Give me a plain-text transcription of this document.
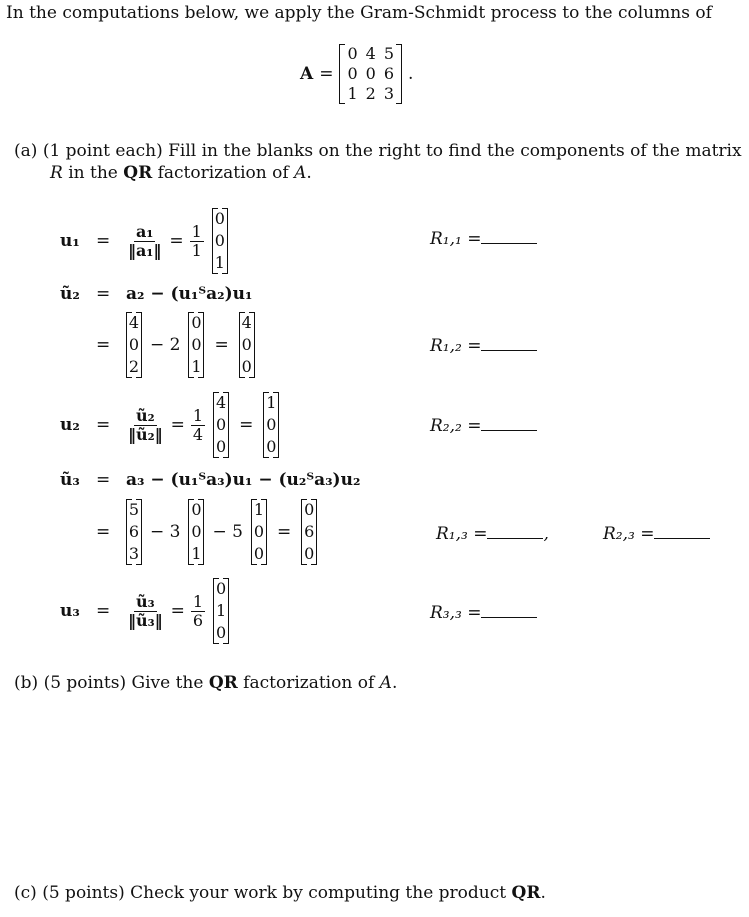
In the computations below, we apply the Gram-Schmidt process to the columns of
A =
0	4	5
0	0	6
1	2	3
.
(a) (1 point each) Fill in the blanks on the right to find the components of the matrix
R in the QR factorization of A.
$u_1 = \frac{\text{a₁}}{\text{‖a₁‖}} = \frac{1}{1}$
0
0
1
ũ₂ = a₂ − (u₁ᵀa₂)u₁
=
4
0
2
− 2
0
0
1
=
4
0
0
$u_2 = \frac{\text{ũ₂}}{\text{‖ũ₂‖}} = \frac{1}{4}$
4
0
0
=
1
0
0
ũ₃ = a₃ − (u₁ᵀa₃)u₁ − (u₂ᵀa₃)u₂
=
5
6
3
− 3
0
0
1
− 5
1
0
0
=
0
6
0
$u_3 = \frac{\text{ũ₃}}{\text{‖ũ₃‖}} = \frac{1}{6}$
0
1
0
R₁,₁ =
R₁,₂ =
R₂,₂ =
R₁,₃ =	,	R₂,₃ =
R₃,₃ =
(b) (5 points) Give the QR factorization of A.
(c) (5 points) Check your work by computing the product QR.
